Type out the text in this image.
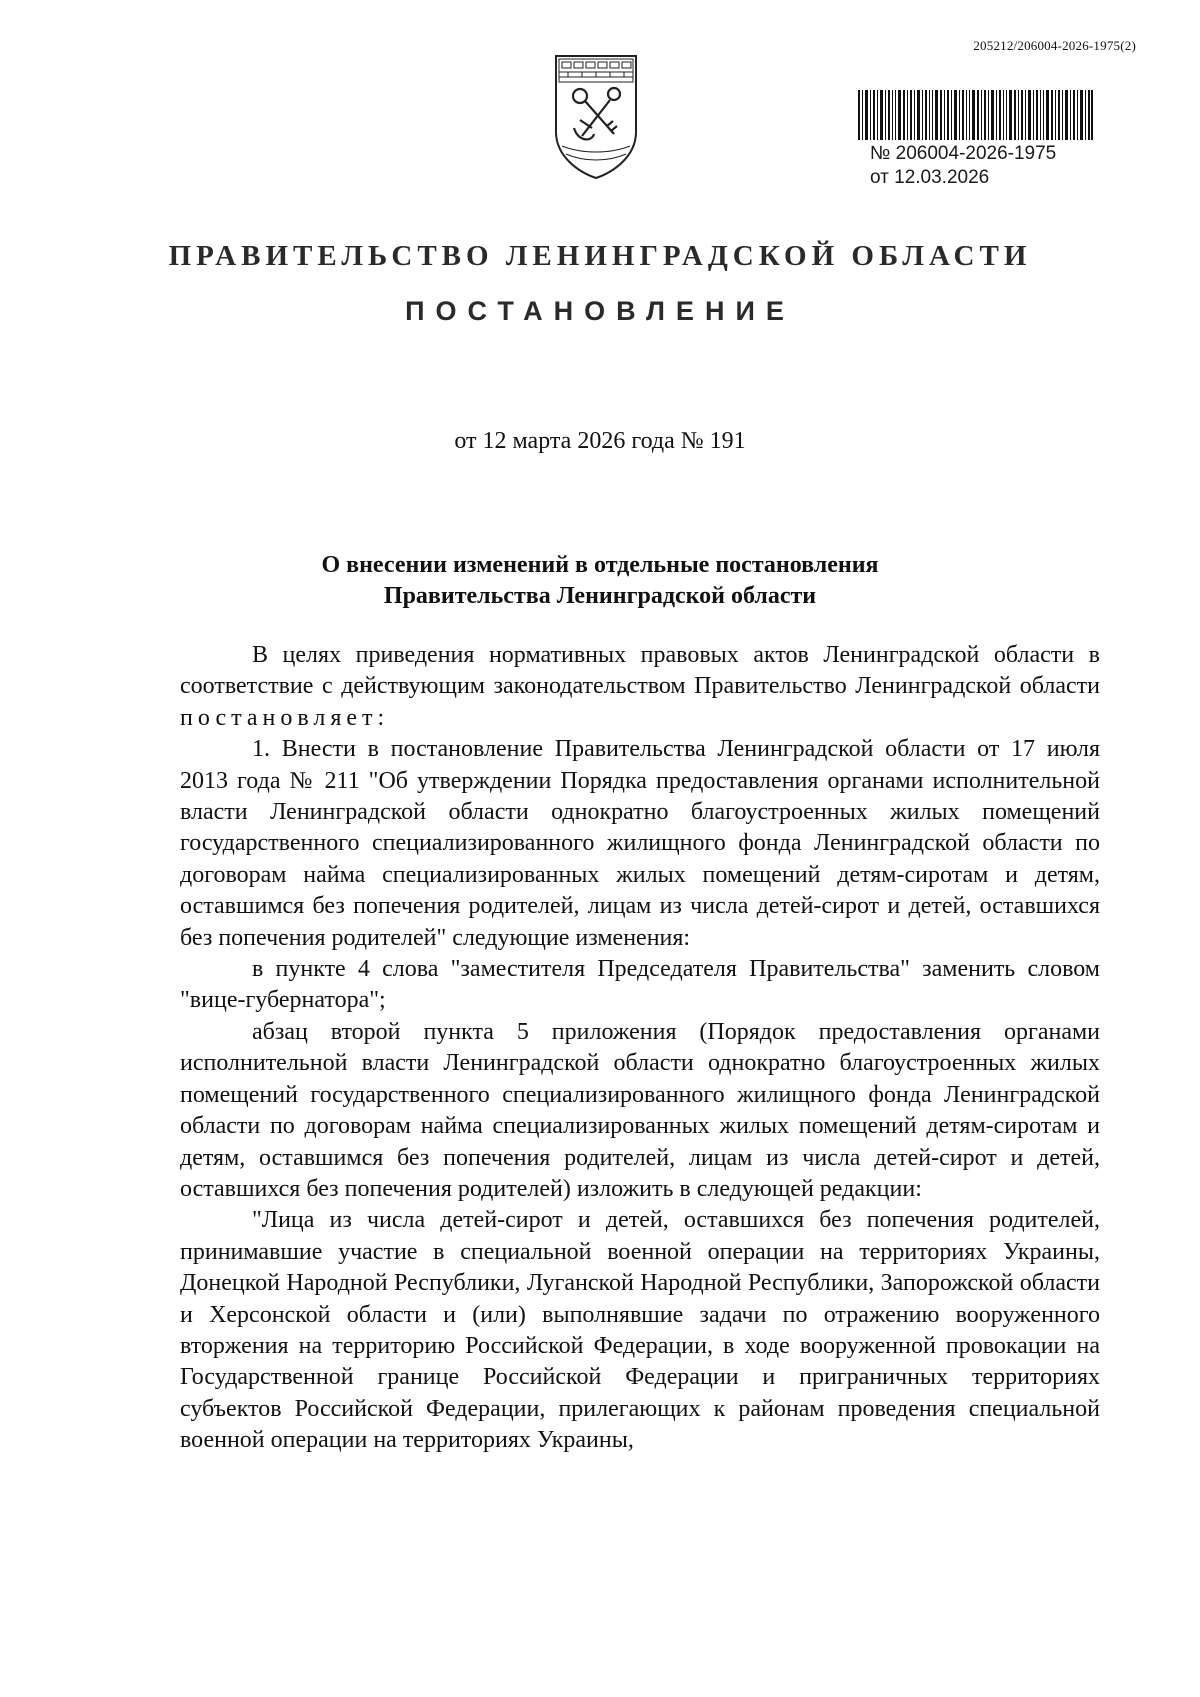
205212/206004-2026-1975(2)
№ 206004-2026-1975
от 12.03.2026
ПРАВИТЕЛЬСТВО ЛЕНИНГРАДСКОЙ ОБЛАСТИ
ПОСТАНОВЛЕНИЕ
от 12 марта 2026 года № 191
О внесении изменений в отдельные постановления
Правительства Ленинградской области

В целях приведения нормативных правовых актов Ленинградской области в соответствие с действующим законодательством Правительство Ленинградской области постановляет:

1. Внести в постановление Правительства Ленинградской области от 17 июля 2013 года № 211 "Об утверждении Порядка предоставления органами исполнительной власти Ленинградской области однократно благоустроенных жилых помещений государственного специализированного жилищного фонда Ленинградской области по договорам найма специализированных жилых помещений детям-сиротам и детям, оставшимся без попечения родителей, лицам из числа детей-сирот и детей, оставшихся без попечения родителей" следующие изменения:

в пункте 4 слова "заместителя Председателя Правительства" заменить словом "вице-губернатора";

абзац второй пункта 5 приложения (Порядок предоставления органами исполнительной власти Ленинградской области однократно благоустроенных жилых помещений государственного специализированного жилищного фонда Ленинградской области по договорам найма специализированных жилых помещений детям-сиротам и детям, оставшимся без попечения родителей, лицам из числа детей-сирот и детей, оставшихся без попечения родителей) изложить в следующей редакции:

"Лица из числа детей-сирот и детей, оставшихся без попечения родителей, принимавшие участие в специальной военной операции на территориях Украины, Донецкой Народной Республики, Луганской Народной Республики, Запорожской области и Херсонской области и (или) выполнявшие задачи по отражению вооруженного вторжения на территорию Российской Федерации, в ходе вооруженной провокации на Государственной границе Российской Федерации и приграничных территориях субъектов Российской Федерации, прилегающих к районам проведения специальной военной операции на территориях Украины,
